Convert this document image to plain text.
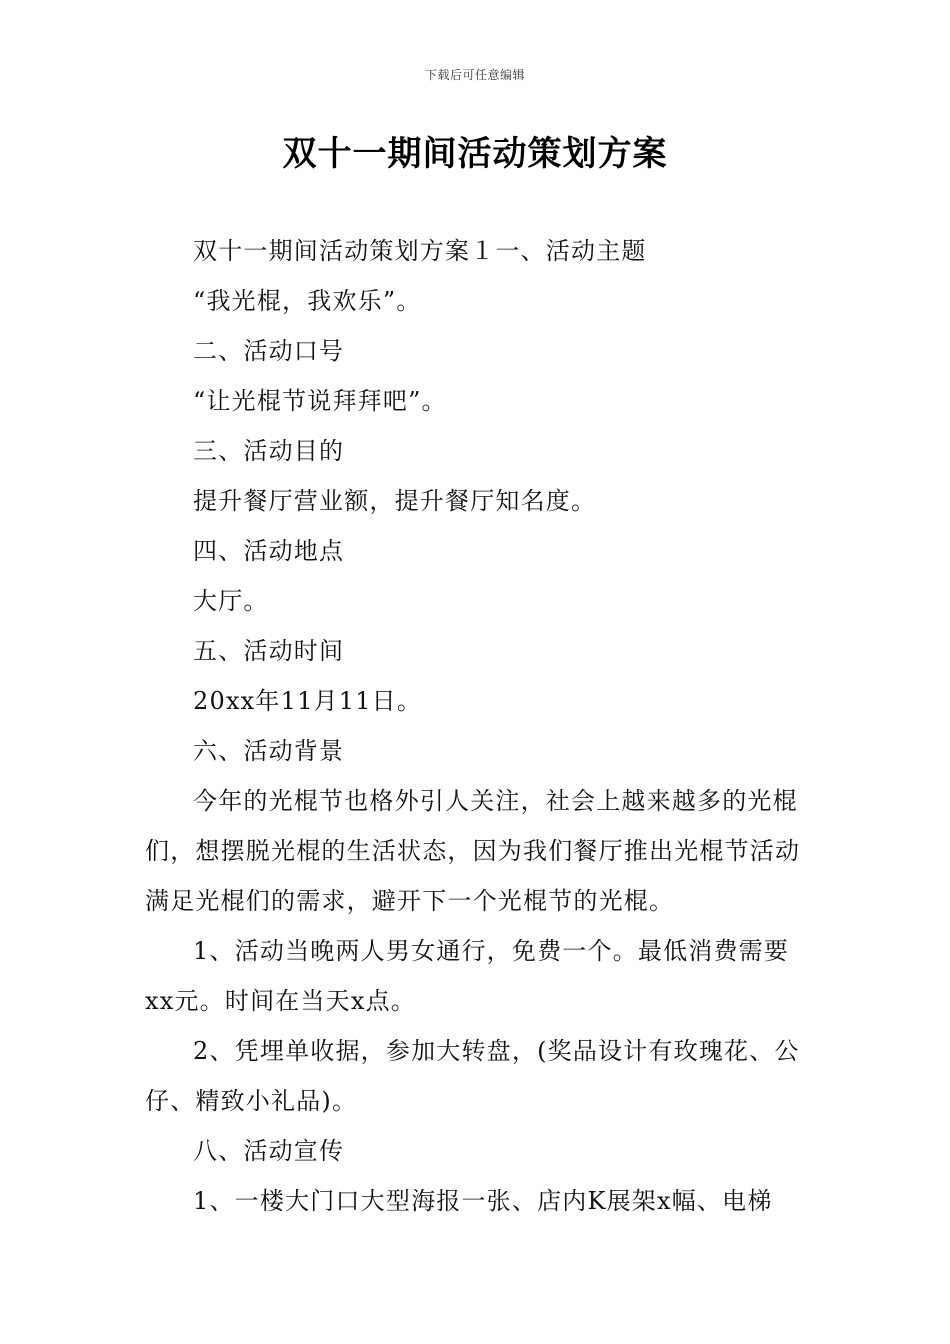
下载后可任意编辑
双十一期间活动策划方案

双十一期间活动策划方案１一、活动主题

“我光棍，我欢乐”。

二、活动口号

“让光棍节说拜拜吧”。

三、活动目的

提升餐厅营业额，提升餐厅知名度。

四、活动地点

大厅。

五、活动时间

20xx年11月11日。

六、活动背景

今年的光棍节也格外引人关注，社会上越来越多的光棍们，想摆脱光棍的生活状态，因为我们餐厅推出光棍节活动满足光棍们的需求，避开下一个光棍节的光棍。

1、活动当晚两人男女通行，免费一个。最低消费需要xx元。时间在当天x点。

2、凭埋单收据，参加大转盘，(奖品设计有玫瑰花、公仔、精致小礼品)。

八、活动宣传

1、一楼大门口大型海报一张、店内K展架x幅、电梯
